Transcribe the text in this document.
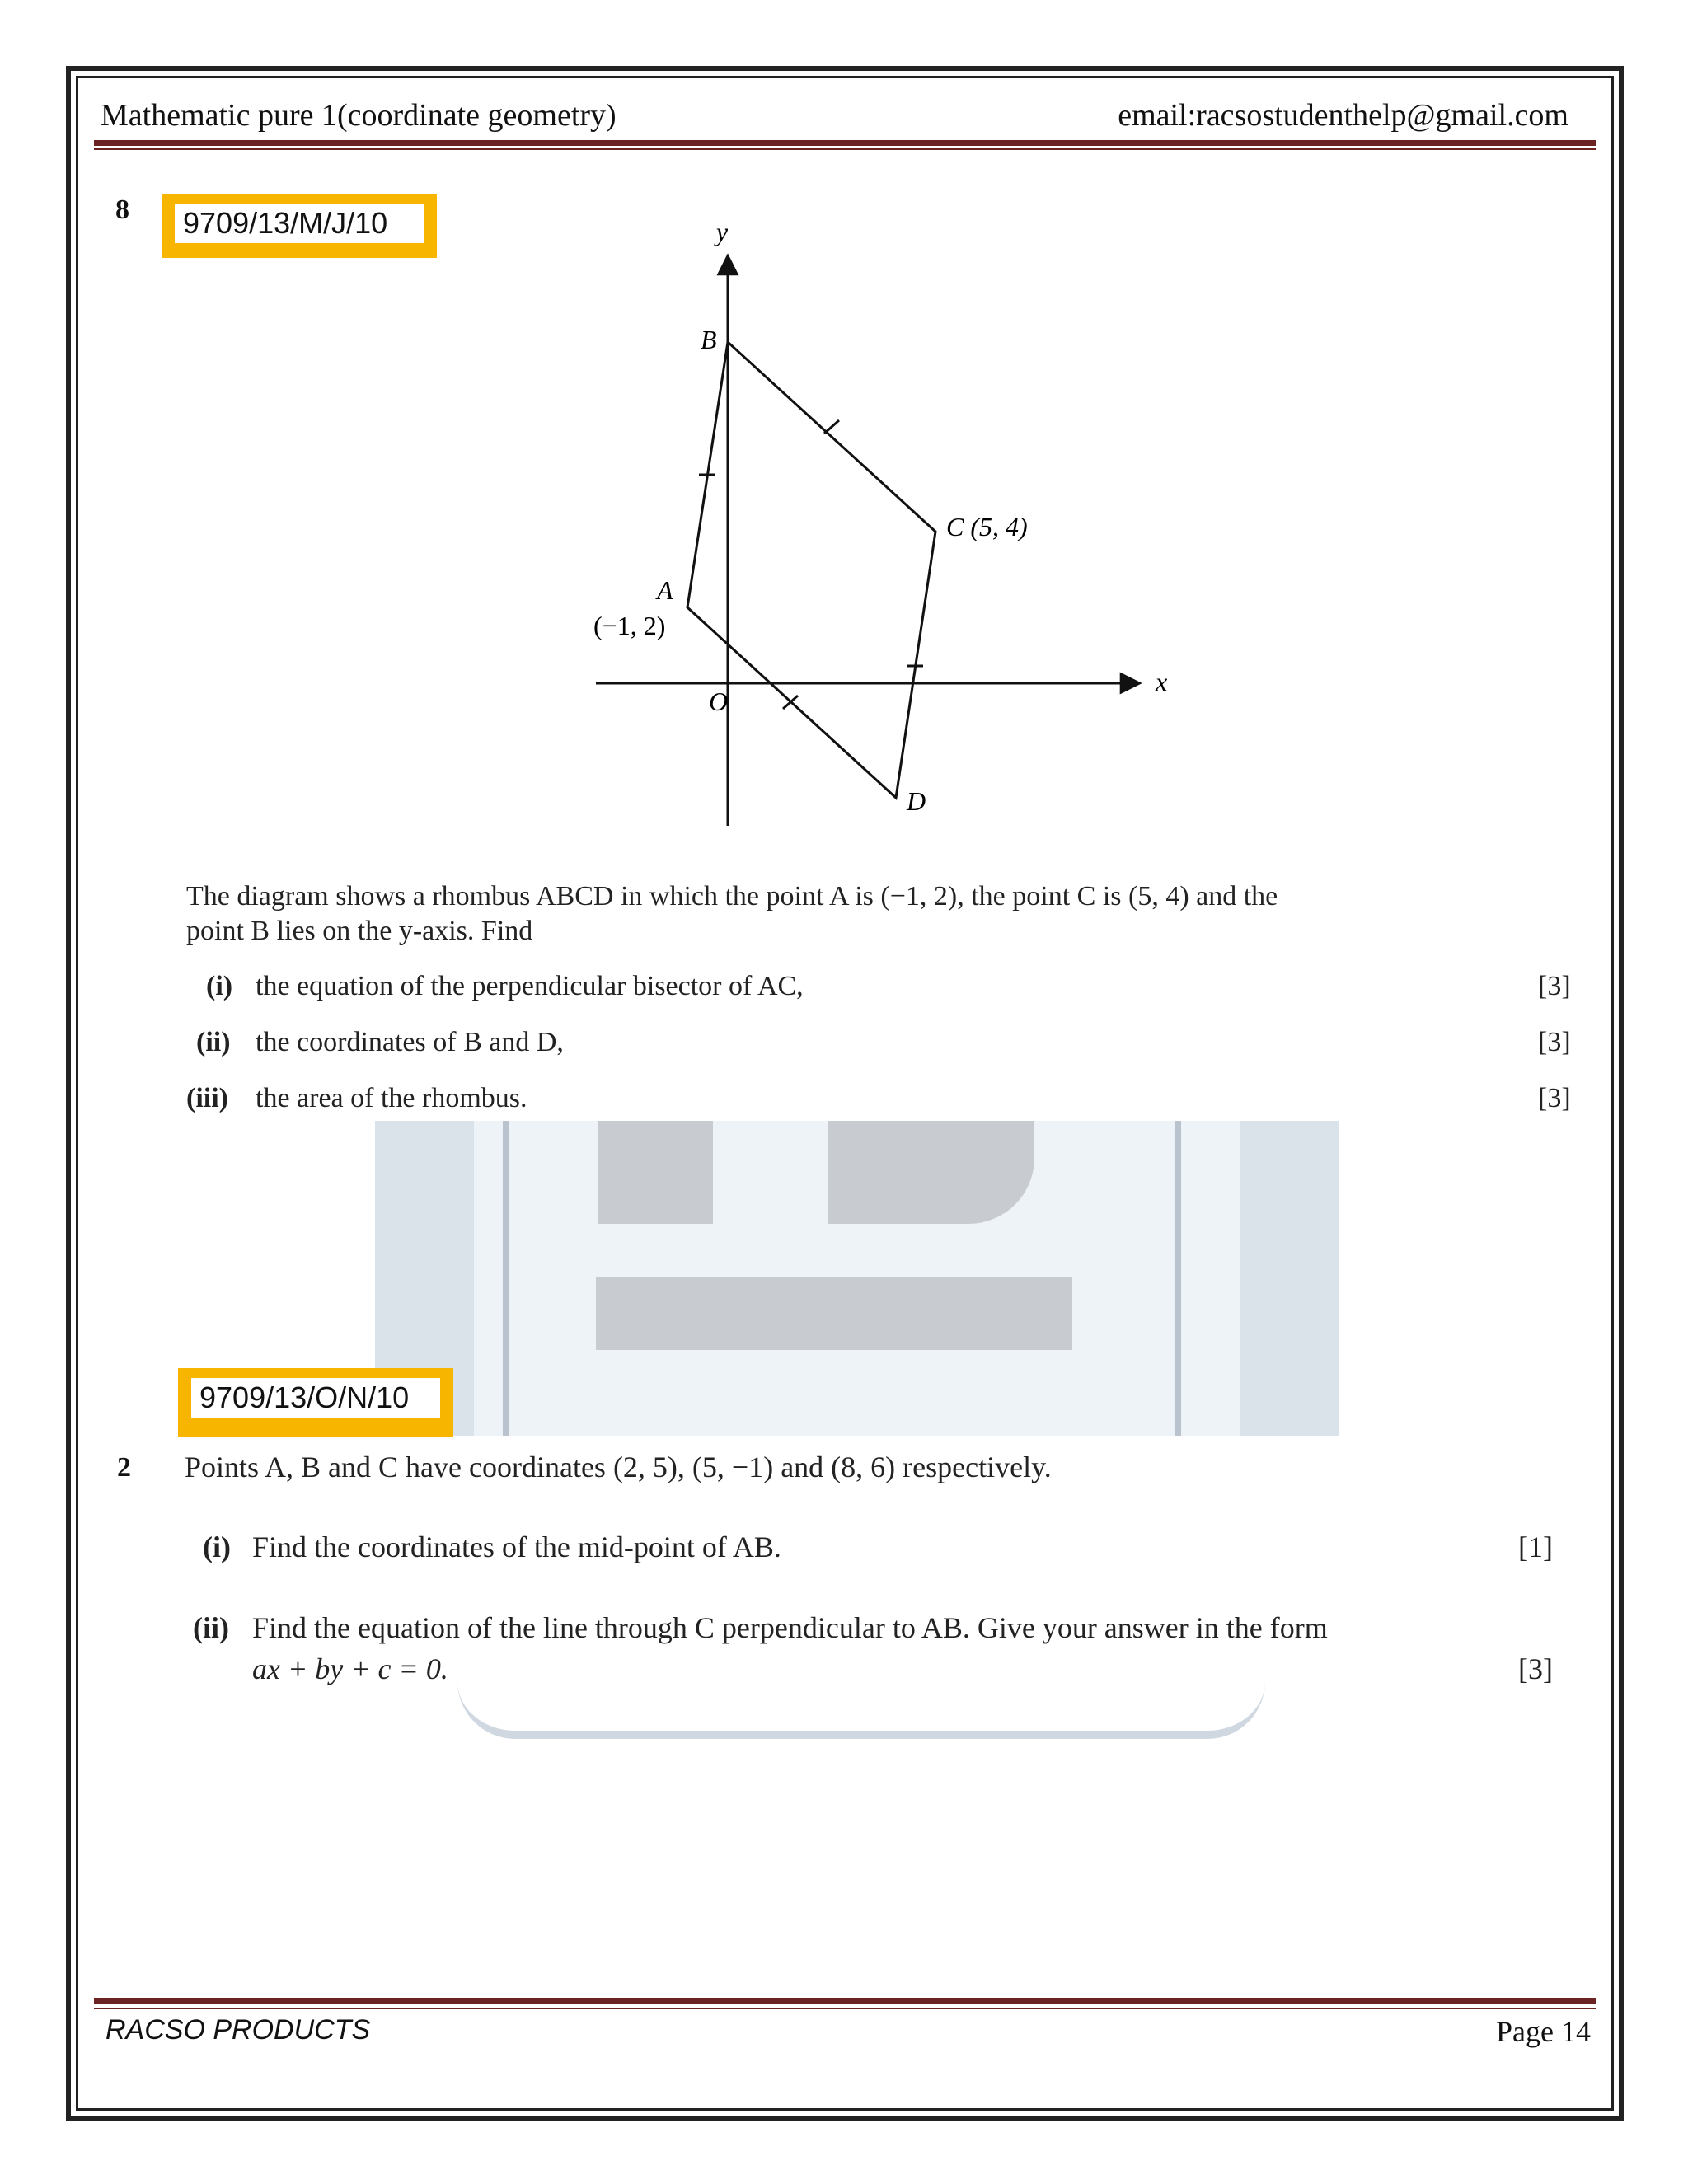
Mathematic pure 1(coordinate geometry)	email:racsostudenthelp@gmail.com
8 9709/13/M/J/10	y
x
O
B
C (5, 4)
A
(−1, 2)
D
The diagram shows a rhombus ABCD in which the point A is (−1, 2), the point C is (5, 4) and the
point B lies on the y-axis. Find
(i) the equation of the perpendicular bisector of AC,	[3]
(ii) the coordinates of B and D,	[3]
(iii) the area of the rhombus.	[3]
9709/13/O/N/10
2 Points A, B and C have coordinates (2, 5), (5, −1) and (8, 6) respectively.
(i) Find the coordinates of the mid-point of AB.	[1]
(ii) Find the equation of the line through C perpendicular to AB. Give your answer in the form
ax + by + c = 0.	[3]
RACSO PRODUCTS	Page 14
